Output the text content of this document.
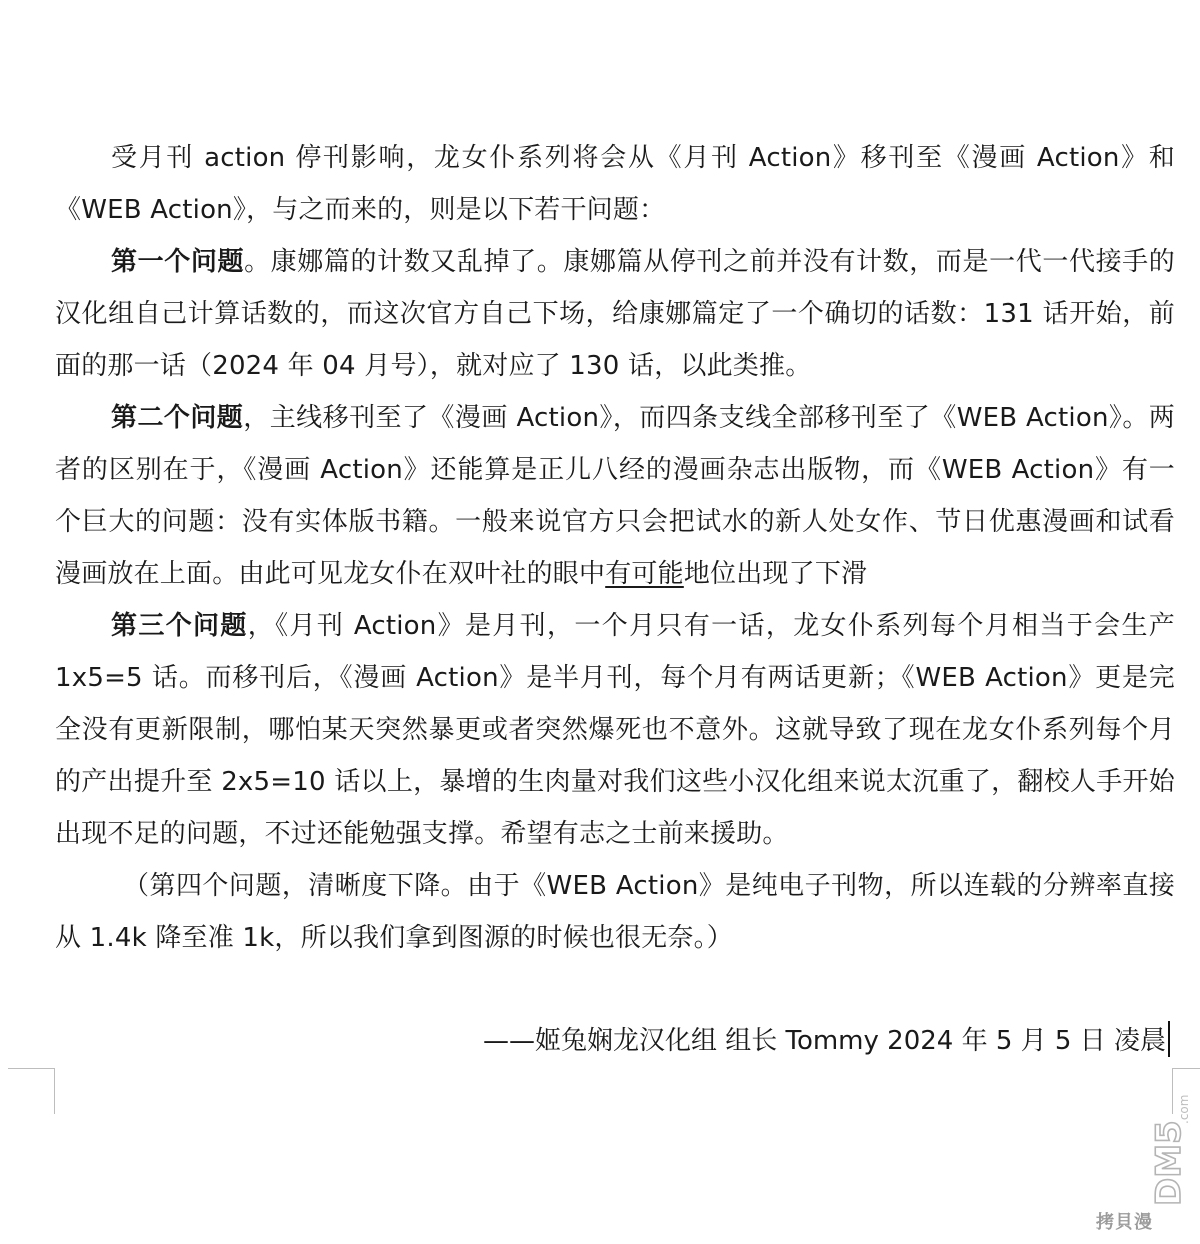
受月刊 action 停刊影响，龙女仆系列将会从《月刊 Action》移刊至《漫画 Action》和《WEB Action》，与之而来的，则是以下若干问题：

第一个问题。康娜篇的计数又乱掉了。康娜篇从停刊之前并没有计数，而是一代一代接手的汉化组自己计算话数的，而这次官方自己下场，给康娜篇定了一个确切的话数：131 话开始，前面的那一话（2024 年 04 月号），就对应了 130 话，以此类推。

第二个问题，主线移刊至了《漫画 Action》，而四条支线全部移刊至了《WEB Action》。两者的区别在于，《漫画 Action》还能算是正儿八经的漫画杂志出版物，而《WEB Action》有一个巨大的问题：没有实体版书籍。一般来说官方只会把试水的新人处女作、节日优惠漫画和试看漫画放在上面。由此可见龙女仆在双叶社的眼中有可能地位出现了下滑

第三个问题，《月刊 Action》是月刊，一个月只有一话，龙女仆系列每个月相当于会生产 1x5=5 话。而移刊后，《漫画 Action》是半月刊，每个月有两话更新；《WEB Action》更是完全没有更新限制，哪怕某天突然暴更或者突然爆死也不意外。这就导致了现在龙女仆系列每个月的产出提升至 2x5=10 话以上，暴增的生肉量对我们这些小汉化组来说太沉重了，翻校人手开始出现不足的问题，不过还能勉强支撑。希望有志之士前来援助。

（第四个问题，清晰度下降。由于《WEB Action》是纯电子刊物，所以连载的分辨率直接从 1.4k 降至准 1k，所以我们拿到图源的时候也很无奈。）

——姬兔娴龙汉化组 组长 Tommy 2024 年 5 月 5 日 凌晨
DM5
.com
拷貝漫
